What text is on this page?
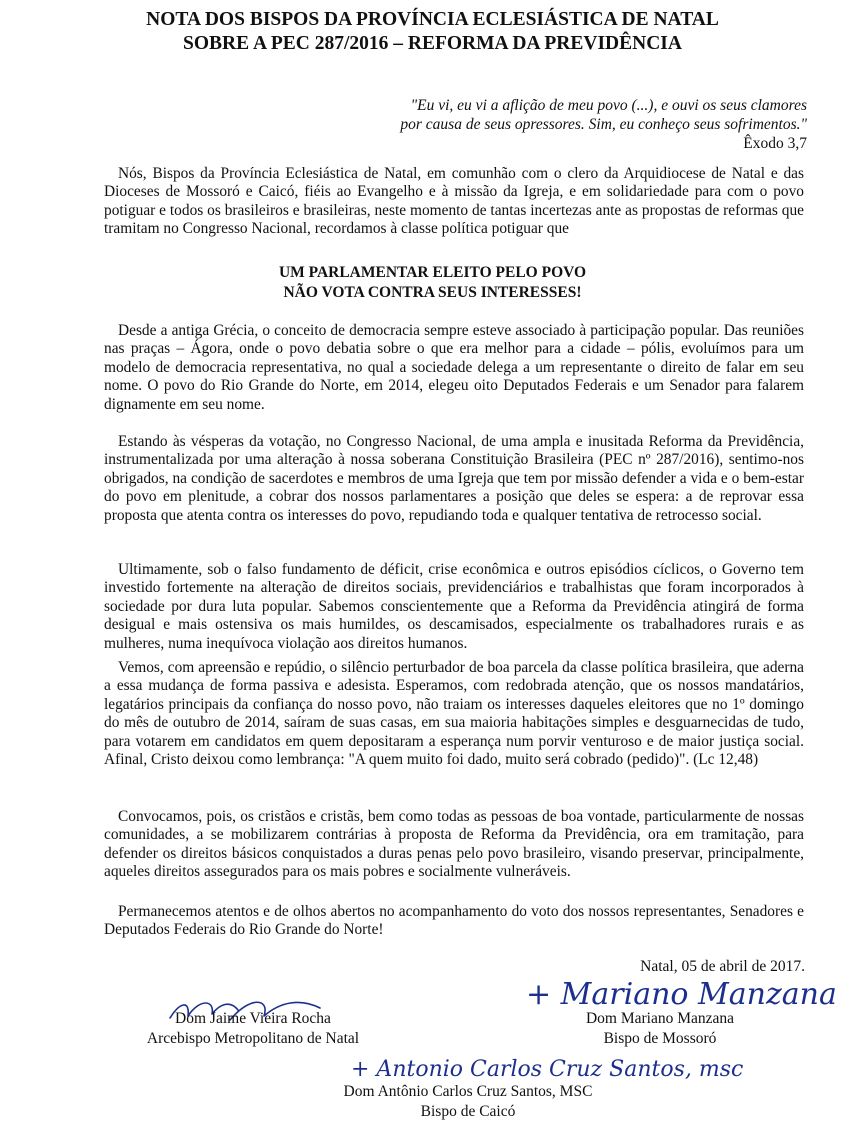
NOTA DOS BISPOS DA PROVÍNCIA ECLESIÁSTICA DE NATAL
SOBRE A PEC 287/2016 – REFORMA DA PREVIDÊNCIA
"Eu vi, eu vi a aflição de meu povo (...), e ouvi os seus clamores
por causa de seus opressores. Sim, eu conheço seus sofrimentos."
Êxodo 3,7
Nós, Bispos da Província Eclesiástica de Natal, em comunhão com o clero da Arquidiocese de Natal e das Dioceses de Mossoró e Caicó, fiéis ao Evangelho e à missão da Igreja, e em solidariedade para com o povo potiguar e todos os brasileiros e brasileiras, neste momento de tantas incertezas ante as propostas de reformas que tramitam no Congresso Nacional, recordamos à classe política potiguar que
UM PARLAMENTAR ELEITO PELO POVO
NÃO VOTA CONTRA SEUS INTERESSES!
Desde a antiga Grécia, o conceito de democracia sempre esteve associado à participação popular. Das reuniões nas praças – Ágora, onde o povo debatia sobre o que era melhor para a cidade – pólis, evoluímos para um modelo de democracia representativa, no qual a sociedade delega a um representante o direito de falar em seu nome. O povo do Rio Grande do Norte, em 2014, elegeu oito Deputados Federais e um Senador para falarem dignamente em seu nome.
Estando às vésperas da votação, no Congresso Nacional, de uma ampla e inusitada Reforma da Previdência, instrumentalizada por uma alteração à nossa soberana Constituição Brasileira (PEC nº 287/2016), sentimo-nos obrigados, na condição de sacerdotes e membros de uma Igreja que tem por missão defender a vida e o bem-estar do povo em plenitude, a cobrar dos nossos parlamentares a posição que deles se espera: a de reprovar essa proposta que atenta contra os interesses do povo, repudiando toda e qualquer tentativa de retrocesso social.
Ultimamente, sob o falso fundamento de déficit, crise econômica e outros episódios cíclicos, o Governo tem investido fortemente na alteração de direitos sociais, previdenciários e trabalhistas que foram incorporados à sociedade por dura luta popular. Sabemos conscientemente que a Reforma da Previdência atingirá de forma desigual e mais ostensiva os mais humildes, os descamisados, especialmente os trabalhadores rurais e as mulheres, numa inequívoca violação aos direitos humanos.
Vemos, com apreensão e repúdio, o silêncio perturbador de boa parcela da classe política brasileira, que aderna a essa mudança de forma passiva e adesista. Esperamos, com redobrada atenção, que os nossos mandatários, legatários principais da confiança do nosso povo, não traiam os interesses daqueles eleitores que no 1º domingo do mês de outubro de 2014, saíram de suas casas, em sua maioria habitações simples e desguarnecidas de tudo, para votarem em candidatos em quem depositaram a esperança num porvir venturoso e de maior justiça social. Afinal, Cristo deixou como lembrança: "A quem muito foi dado, muito será cobrado (pedido)". (Lc 12,48)
Convocamos, pois, os cristãos e cristãs, bem como todas as pessoas de boa vontade, particularmente de nossas comunidades, a se mobilizarem contrárias à proposta de Reforma da Previdência, ora em tramitação, para defender os direitos básicos conquistados a duras penas pelo povo brasileiro, visando preservar, principalmente, aqueles direitos assegurados para os mais pobres e socialmente vulneráveis.
Permanecemos atentos e de olhos abertos no acompanhamento do voto dos nossos representantes, Senadores e Deputados Federais do Rio Grande do Norte!
Natal, 05 de abril de 2017.
+ Mariano Manzana
+ Antonio Carlos Cruz Santos, msc
Dom Jaime Vieira Rocha
Arcebispo Metropolitano de Natal
Dom Mariano Manzana
Bispo de Mossoró
Dom Antônio Carlos Cruz Santos, MSC
Bispo de Caicó
